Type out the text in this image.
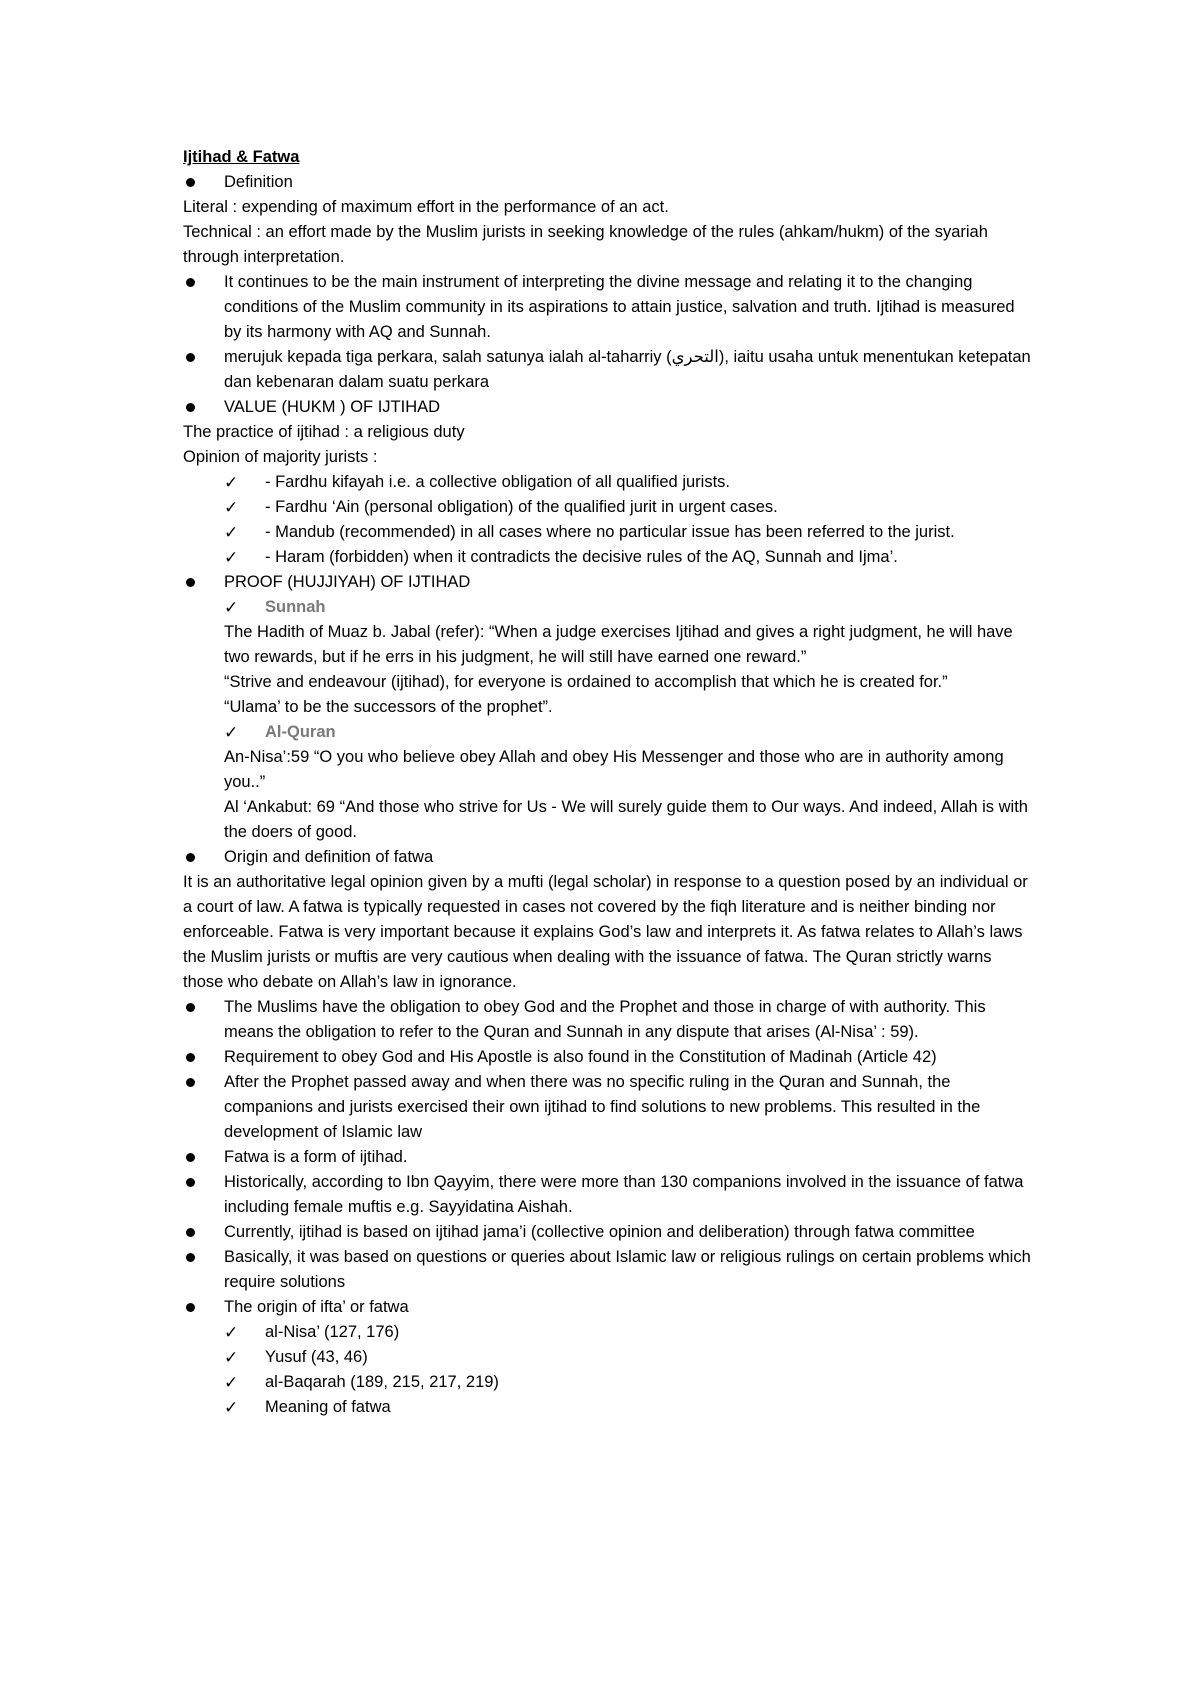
Ijtihad & Fatwa

Definition

Literal : expending of maximum effort in the performance of an act.

Technical : an effort made by the Muslim jurists in seeking knowledge of the rules (ahkam/hukm) of the syariah through interpretation.

It continues to be the main instrument of interpreting the divine message and relating it to the changing conditions of the Muslim community in its aspirations to attain justice, salvation and truth. Ijtihad is measured by its harmony with AQ and Sunnah.

merujuk kepada tiga perkara, salah satunya ialah al-taharriy (التحري), iaitu usaha untuk menentukan ketepatan dan kebenaran dalam suatu perkara

VALUE (HUKM ) OF IJTIHAD

The practice of ijtihad : a religious duty

Opinion of majority jurists :

✓ - Fardhu kifayah i.e. a collective obligation of all qualified jurists.

✓ - Fardhu ‘Ain (personal obligation) of the qualified jurit in urgent cases.

✓ - Mandub (recommended) in all cases where no particular issue has been referred to the jurist.

✓ - Haram (forbidden) when it contradicts the decisive rules of the AQ, Sunnah and Ijma’.

PROOF (HUJJIYAH) OF IJTIHAD

✓ Sunnah

The Hadith of Muaz b. Jabal (refer): “When a judge exercises Ijtihad and gives a right judgment, he will have two rewards, but if he errs in his judgment, he will still have earned one reward.”

“Strive and endeavour (ijtihad), for everyone is ordained to accomplish that which he is created for.”

“Ulama’ to be the successors of the prophet”.

✓ Al-Quran

An-Nisa’:59 “O you who believe obey Allah and obey His Messenger and those who are in authority among you..”

Al ‘Ankabut: 69 “And those who strive for Us - We will surely guide them to Our ways. And indeed, Allah is with the doers of good.

Origin and definition of fatwa

It is an authoritative legal opinion given by a mufti (legal scholar) in response to a question posed by an individual or a court of law. A fatwa is typically requested in cases not covered by the fiqh literature and is neither binding nor enforceable. Fatwa is very important because it explains God’s law and interprets it. As fatwa relates to Allah’s laws the Muslim jurists or muftis are very cautious when dealing with the issuance of fatwa. The Quran strictly warns those who debate on Allah’s law in ignorance.

The Muslims have the obligation to obey God and the Prophet and those in charge of with authority. This means the obligation to refer to the Quran and Sunnah in any dispute that arises (Al-Nisa’ : 59).

Requirement to obey God and His Apostle is also found in the Constitution of Madinah (Article 42)

After the Prophet passed away and when there was no specific ruling in the Quran and Sunnah, the companions and jurists exercised their own ijtihad to find solutions to new problems. This resulted in the development of Islamic law

Fatwa is a form of ijtihad.

Historically, according to Ibn Qayyim, there were more than 130 companions involved in the issuance of fatwa including female muftis e.g. Sayyidatina Aishah.

Currently, ijtihad is based on ijtihad jama’i (collective opinion and deliberation) through fatwa committee

Basically, it was based on questions or queries about Islamic law or religious rulings on certain problems which require solutions

The origin of ifta’ or fatwa

✓ al-Nisa’ (127, 176)

✓ Yusuf (43, 46)

✓ al-Baqarah (189, 215, 217, 219)

✓ Meaning of fatwa
